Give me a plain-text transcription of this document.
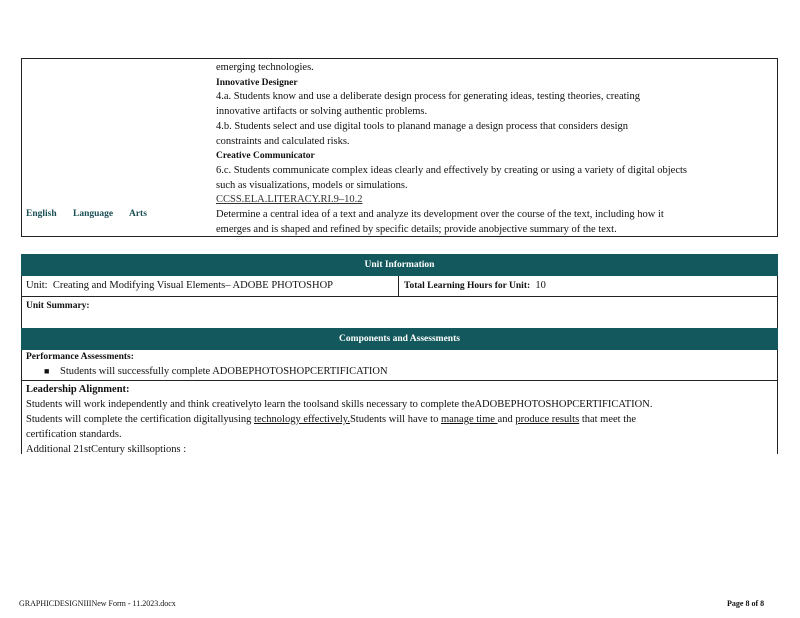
English Language Arts
emerging technologies.
Innovative Designer
4.a. Students know and use a deliberate design process for generating ideas, testing theories, creating
innovative artifacts or solving authentic problems.
4.b. Students select and use digital tools to planand manage a design process that considers design
constraints and calculated risks.
Creative Communicator
6.c. Students communicate complex ideas clearly and effectively by creating or using a variety of digital objects
such as visualizations, models or simulations.
CCSS.ELA.LITERACY.RI.9–10.2
Determine a central idea of a text and analyze its development over the course of the text, including how it
emerges and is shaped and refined by specific details; provide anobjective summary of the text.
Unit Information
Unit: Creating and Modifying Visual Elements– ADOBE PHOTOSHOP	Total Learning Hours for Unit: 10
Unit Summary:
Components and Assessments
Performance Assessments:
■ Students will successfully complete ADOBEPHOTOSHOPCERTIFICATION
Leadership Alignment:
Students will work independently and think creativelyto learn the toolsand skills necessary to complete theADOBEPHOTOSHOPCERTIFICATION.
Students will complete the certification digitallyusing technology effectively.Students will have to manage time and produce results that meet the
certification standards.
Additional 21stCentury skillsoptions :
GRAPHICDESIGNIIINew Form - 11.2023.docx	Page 8 of 8
